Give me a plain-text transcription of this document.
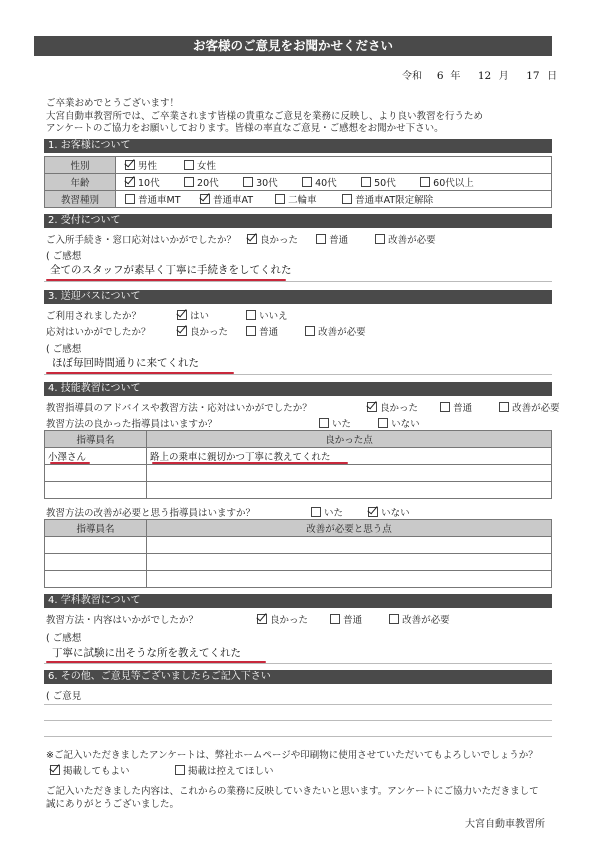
お客様のご意見をお聞かせください
令和 6 年 12 月 17 日
ご卒業おめでとうございます！
大宮自動車教習所では、ご卒業されます皆様の貴重なご意見を業務に反映し、より良い教習を行うため
アンケートのご協力をお願いしております。皆様の率直なご意見・ご感想をお聞かせ下さい。
1. お客様について
性別	男性 女性
年齢	10代 20代 30代 40代 50代 60代以上
教習種別	普通車MT 普通車AT 二輪車 普通車AT限定解除
2. 受付について
ご入所手続き・窓口応対はいかがでしたか？	良かった	普通	改善が必要
( ご感想
全てのスタッフが素早く丁寧に手続きをしてくれた
3. 送迎バスについて
ご利用されましたか？	はい	いいえ
応対はいかがでしたか？	良かった	普通	改善が必要
( ご感想
ほぼ毎回時間通りに来てくれた
4. 技能教習について
教習指導員のアドバイスや教習方法・応対はいかがでしたか？	良かった	普通	改善が必要
教習方法の良かった指導員はいますか？	いた	いない
指導員名	良かった点
小澤さん	路上の乗車に親切かつ丁寧に教えてくれた

教習方法の改善が必要と思う指導員はいますか？	いた	いない
指導員名	改善が必要と思う点

4. 学科教習について
教習方法・内容はいかがでしたか？	良かった	普通	改善が必要
( ご感想
丁寧に試験に出そうな所を教えてくれた
6. その他、ご意見等ございましたらご記入下さい
( ご意見
※ご記入いただきましたアンケートは、弊社ホームページや印刷物に使用させていただいてもよろしいでしょうか？
掲載してもよい	掲載は控えてほしい
ご記入いただきました内容は、これからの業務に反映していきたいと思います。アンケートにご協力いただきまして
誠にありがとうございました。
大宮自動車教習所
